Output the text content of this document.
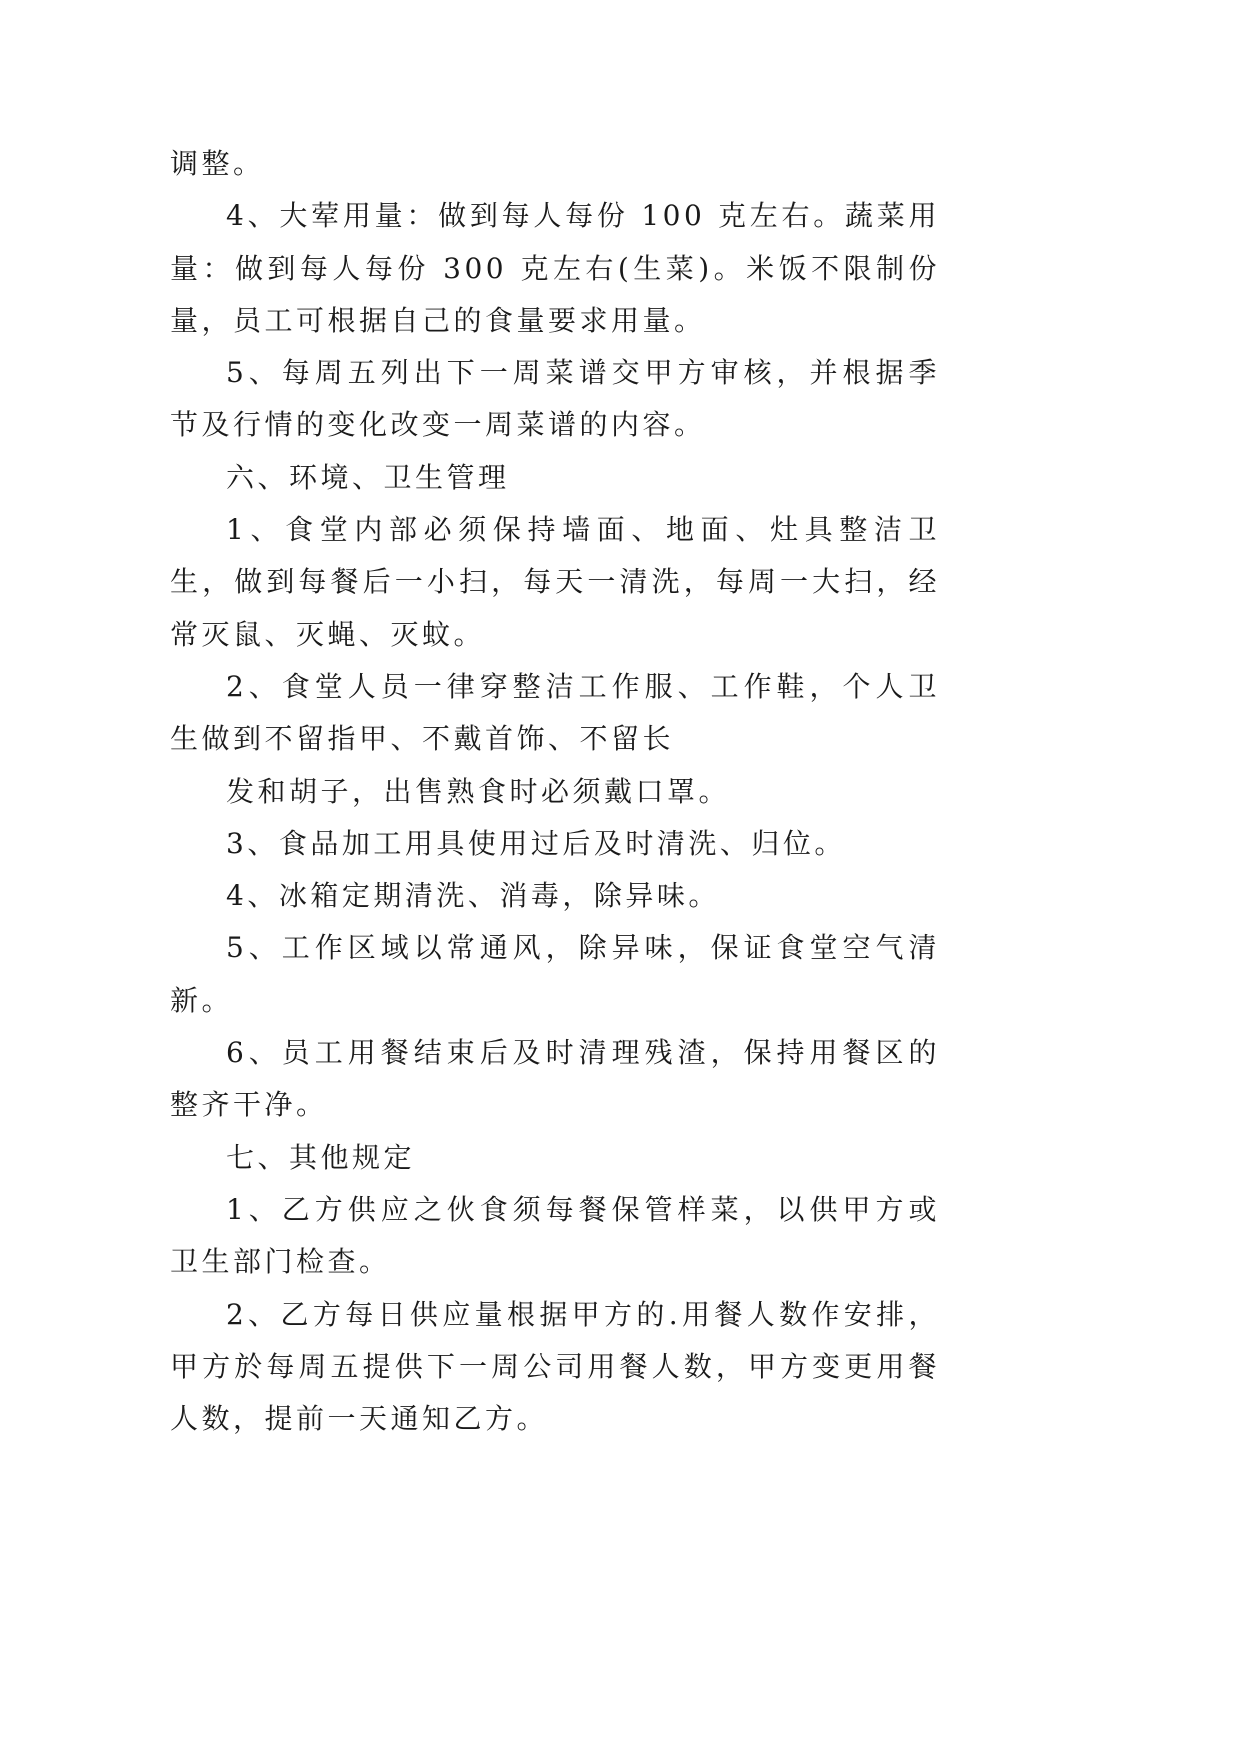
调整。

4、大荤用量：做到每人每份 100 克左右。蔬菜用量：做到每人每份 300 克左右(生菜)。米饭不限制份量，员工可根据自己的食量要求用量。

5、每周五列出下一周菜谱交甲方审核，并根据季节及行情的变化改变一周菜谱的内容。

六、环境、卫生管理

1、食堂内部必须保持墙面、地面、灶具整洁卫生，做到每餐后一小扫，每天一清洗，每周一大扫，经常灭鼠、灭蝇、灭蚊。

2、食堂人员一律穿整洁工作服、工作鞋，个人卫生做到不留指甲、不戴首饰、不留长

发和胡子，出售熟食时必须戴口罩。

3、食品加工用具使用过后及时清洗、归位。

4、冰箱定期清洗、消毒，除异味。

5、工作区域以常通风，除异味，保证食堂空气清新。

6、员工用餐结束后及时清理残渣，保持用餐区的整齐干净。

七、其他规定

1、乙方供应之伙食须每餐保管样菜，以供甲方或卫生部门检查。

2、乙方每日供应量根据甲方的.用餐人数作安排，甲方於每周五提供下一周公司用餐人数，甲方变更用餐人数，提前一天通知乙方。
